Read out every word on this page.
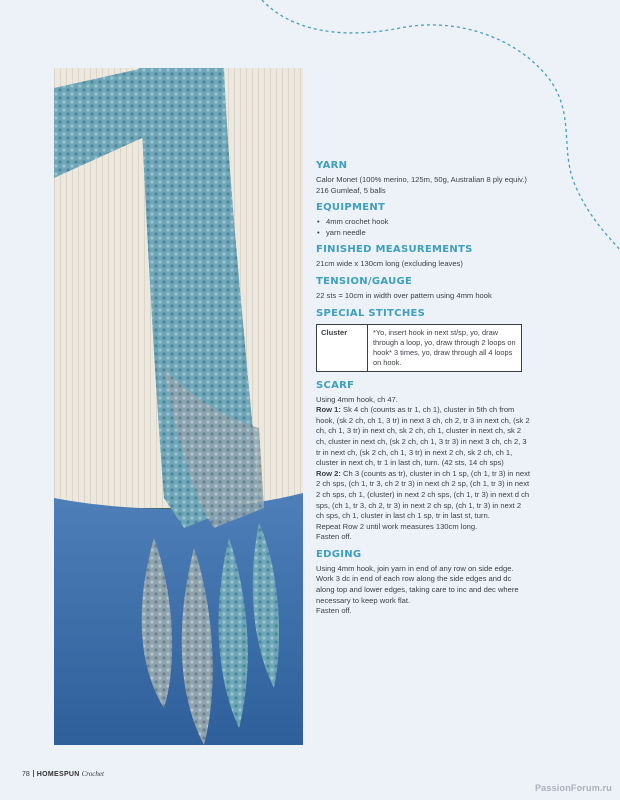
YARN

Calor Monet (100% merino, 125m, 50g, Australian 8 ply equiv.) 216 Gumleaf, 5 balls

EQUIPMENT
• 4mm crochet hook
• yarn needle
FINISHED MEASUREMENTS

21cm wide x 130cm long (excluding leaves)

TENSION/GAUGE

22 sts = 10cm in width over pattern using 4mm hook

SPECIAL STITCHES
Cluster	*Yo, insert hook in next st/sp, yo, draw through a loop, yo, draw through 2 loops on hook* 3 times, yo, draw through all 4 loops on hook.
SCARF

Using 4mm hook, ch 47.

Row 1: Sk 4 ch (counts as tr 1, ch 1), cluster in 5th ch from hook, (sk 2 ch, ch 1, 3 tr) in next 3 ch, ch 2, tr 3 in next ch, (sk 2 ch, ch 1, 3 tr) in next ch, sk 2 ch, ch 1, cluster in next ch, sk 2 ch, cluster in next ch, (sk 2 ch, ch 1, 3 tr 3) in next 3 ch, ch 2, 3 tr in next ch, (sk 2 ch, ch 1, 3 tr) in next 2 ch, sk 2 ch, ch 1, cluster in next ch, tr 1 in last ch, turn. (42 sts, 14 ch sps)

Row 2: Ch 3 (counts as tr), cluster in ch 1 sp, (ch 1, tr 3) in next 2 ch sps, (ch 1, tr 3, ch 2 tr 3) in next ch 2 sp, (ch 1, tr 3) in next 2 ch sps, ch 1, (cluster) in next 2 ch sps, (ch 1, tr 3) in next d ch sps, (ch 1, tr 3, ch 2, tr 3) in next 2 ch sp, (ch 1, tr 3) in next 2 ch sps, ch 1, cluster in last ch 1 sp, tr in last st, turn.

Repeat Row 2 until work measures 130cm long.

Fasten off.

EDGING

Using 4mm hook, join yarn in end of any row on side edge. Work 3 dc in end of each row along the side edges and dc along top and lower edges, taking care to inc and dec where necessary to keep work flat.

Fasten off.

78 HOMESPUN Crochet
PassionForum.ru
